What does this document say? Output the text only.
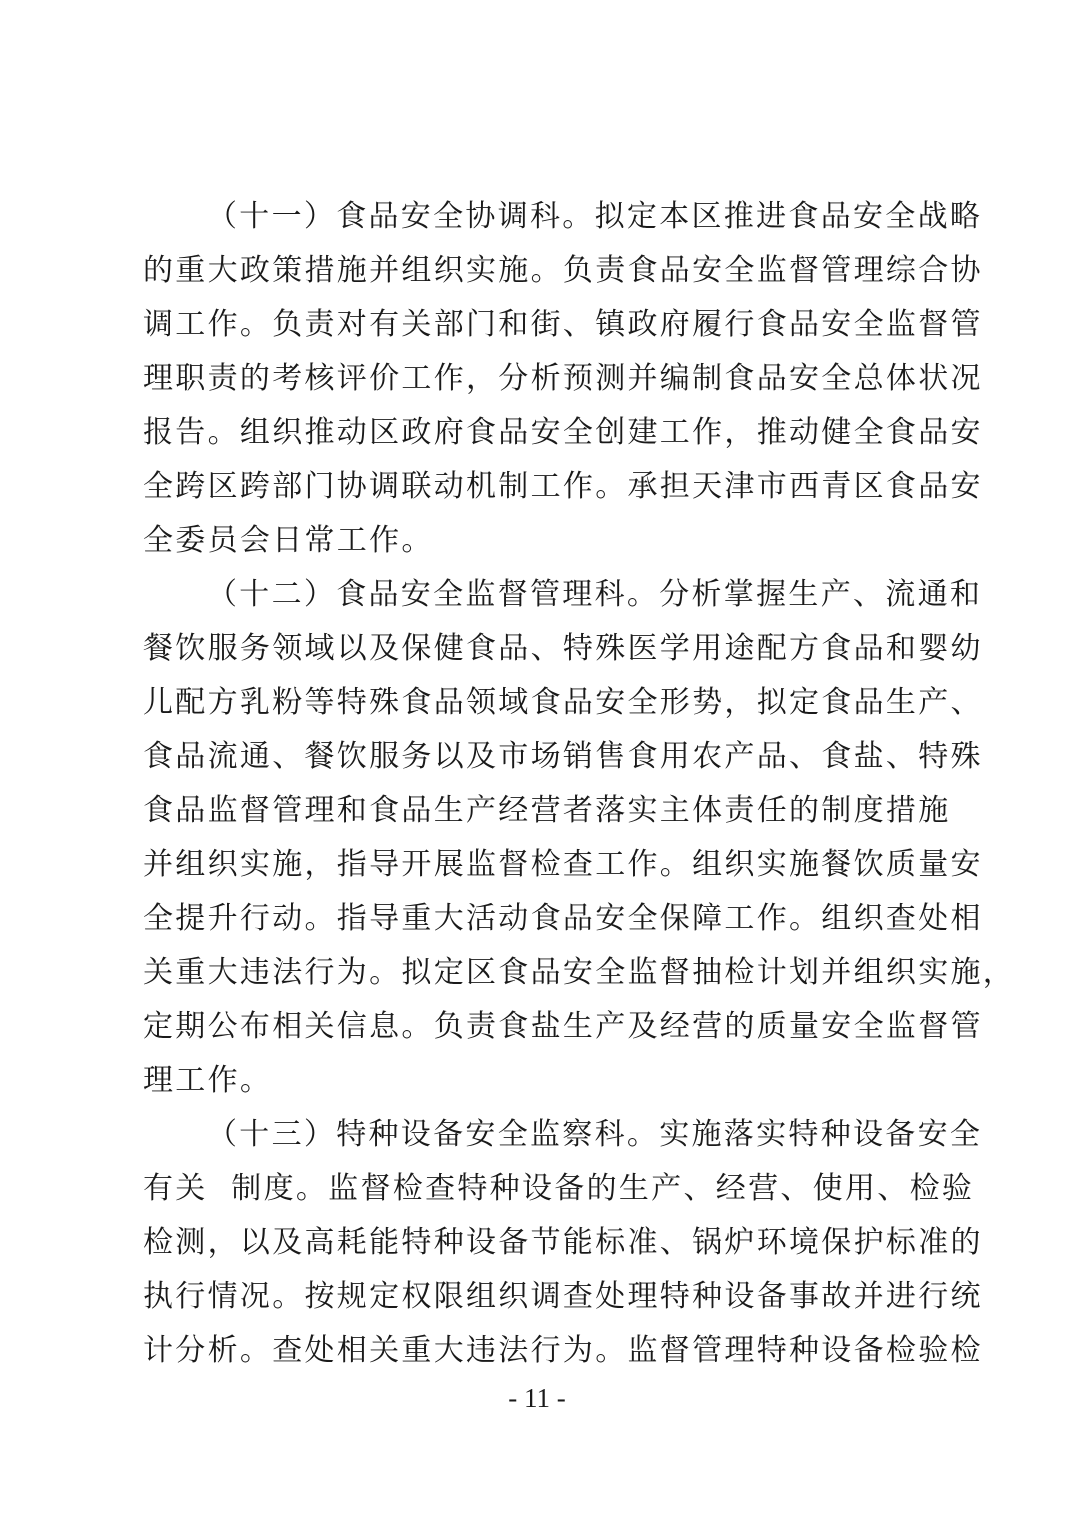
（十一）食品安全协调科。拟定本区推进食品安全战略
的重大政策措施并组织实施。负责食品安全监督管理综合协
调工作。负责对有关部门和街、镇政府履行食品安全监督管
理职责的考核评价工作，分析预测并编制食品安全总体状况
报告。组织推动区政府食品安全创建工作，推动健全食品安
全跨区跨部门协调联动机制工作。承担天津市西青区食品安
全委员会日常工作。
（十二）食品安全监督管理科。分析掌握生产、流通和
餐饮服务领域以及保健食品、特殊医学用途配方食品和婴幼
儿配方乳粉等特殊食品领域食品安全形势，拟定食品生产、
食品流通、餐饮服务以及市场销售食用农产品、食盐、特殊
食品监督管理和食品生产经营者落实主体责任的制度措施
并组织实施，指导开展监督检查工作。组织实施餐饮质量安
全提升行动。指导重大活动食品安全保障工作。组织查处相
关重大违法行为。拟定区食品安全监督抽检计划并组织实施，
定期公布相关信息。负责食盐生产及经营的质量安全监督管
理工作。
（十三）特种设备安全监察科。实施落实特种设备安全
有关  制度。监督检查特种设备的生产、经营、使用、检验
检测，以及高耗能特种设备节能标准、锅炉环境保护标准的
执行情况。按规定权限组织调查处理特种设备事故并进行统
计分析。查处相关重大违法行为。监督管理特种设备检验检
- 11 -
